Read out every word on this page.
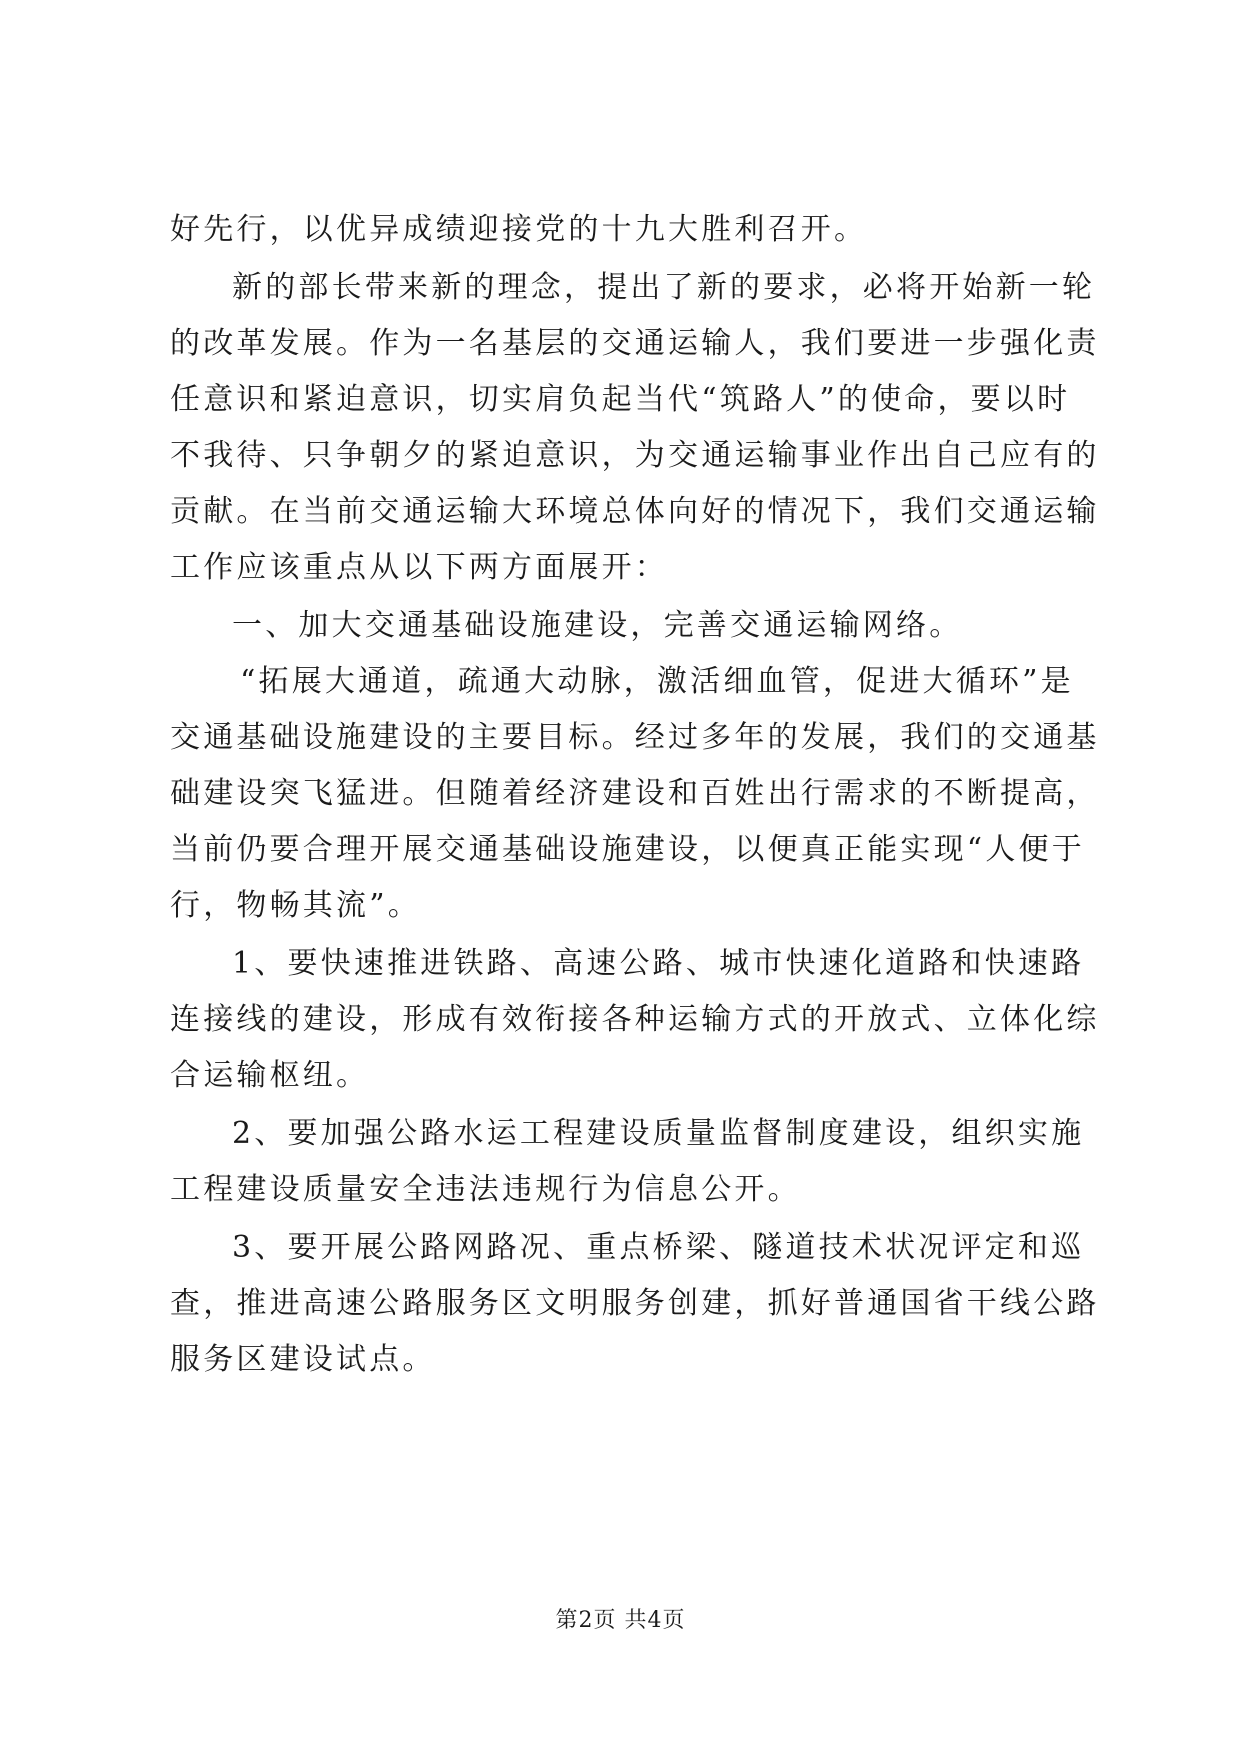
好先行，以优异成绩迎接党的十九大胜利召开。
新的部长带来新的理念，提出了新的要求，必将开始新一轮
的改革发展。作为一名基层的交通运输人，我们要进一步强化责
任意识和紧迫意识，切实肩负起当代“筑路人”的使命，要以时
不我待、只争朝夕的紧迫意识，为交通运输事业作出自己应有的
贡献。在当前交通运输大环境总体向好的情况下，我们交通运输
工作应该重点从以下两方面展开：
一、加大交通基础设施建设，完善交通运输网络。
“拓展大通道，疏通大动脉，激活细血管，促进大循环”是
交通基础设施建设的主要目标。经过多年的发展，我们的交通基
础建设突飞猛进。但随着经济建设和百姓出行需求的不断提高，
当前仍要合理开展交通基础设施建设，以便真正能实现“人便于
行，物畅其流”。
1、要快速推进铁路、高速公路、城市快速化道路和快速路
连接线的建设，形成有效衔接各种运输方式的开放式、立体化综
合运输枢纽。
2、要加强公路水运工程建设质量监督制度建设，组织实施
工程建设质量安全违法违规行为信息公开。
3、要开展公路网路况、重点桥梁、隧道技术状况评定和巡
查，推进高速公路服务区文明服务创建，抓好普通国省干线公路
服务区建设试点。
第2页 共4页
